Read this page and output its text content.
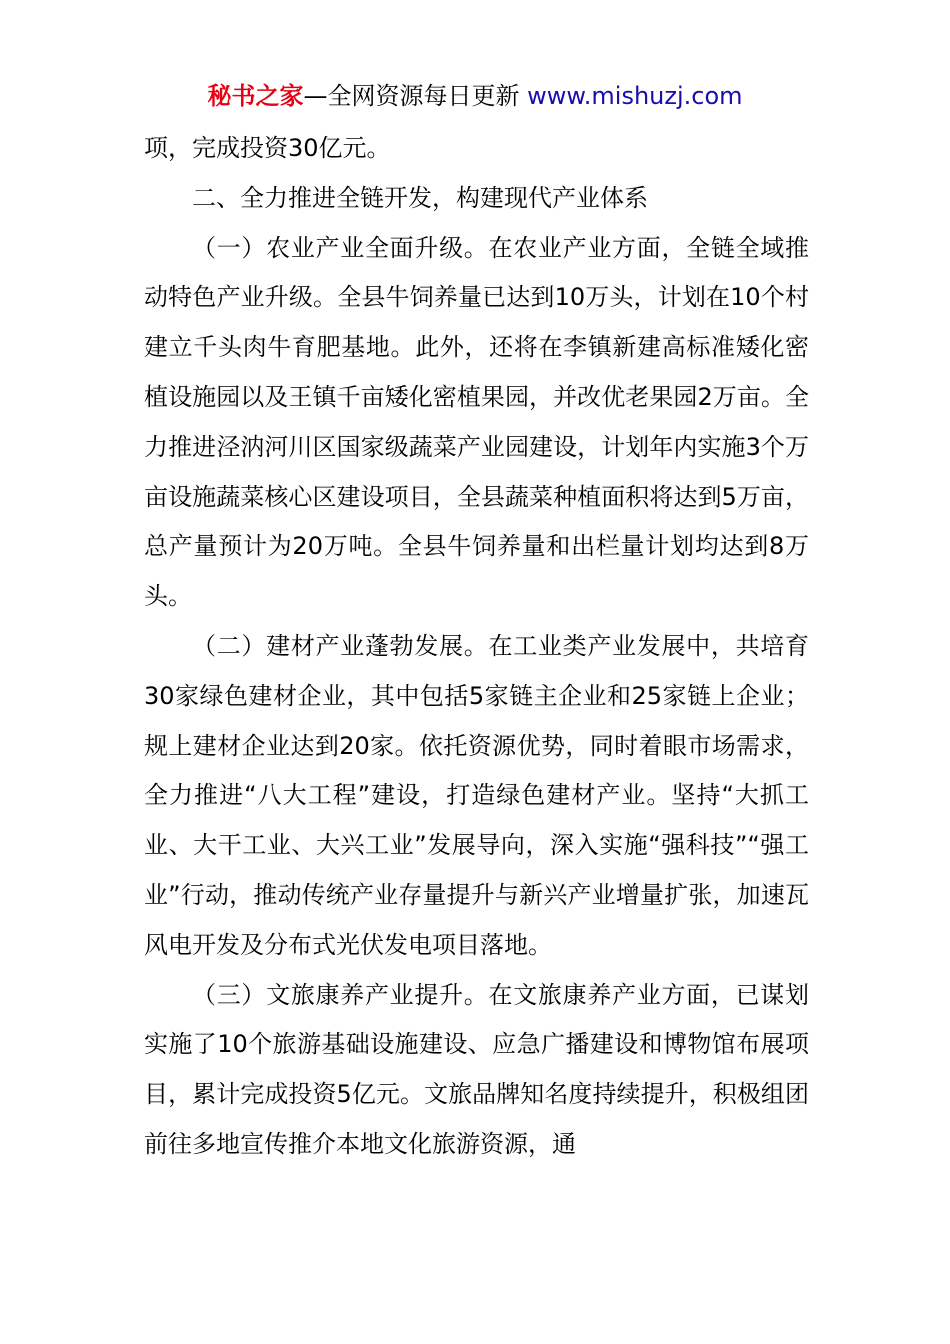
秘书之家—全网资源每日更新 www.mishuzj.com

项，完成投资30亿元。

二、全力推进全链开发，构建现代产业体系

（一）农业产业全面升级。在农业产业方面，全链全域推动特色产业升级。全县牛饲养量已达到10万头，计划在10个村建立千头肉牛育肥基地。此外，还将在李镇新建高标准矮化密植设施园以及王镇千亩矮化密植果园，并改优老果园2万亩。全力推进泾汭河川区国家级蔬菜产业园建设，计划年内实施3个万亩设施蔬菜核心区建设项目，全县蔬菜种植面积将达到5万亩，总产量预计为20万吨。全县牛饲养量和出栏量计划均达到8万头。

（二）建材产业蓬勃发展。在工业类产业发展中，共培育30家绿色建材企业，其中包括5家链主企业和25家链上企业；规上建材企业达到20家。依托资源优势，同时着眼市场需求，全力推进“八大工程”建设，打造绿色建材产业。坚持“大抓工业、大干工业、大兴工业”发展导向，深入实施“强科技”“强工业”行动，推动传统产业存量提升与新兴产业增量扩张，加速瓦风电开发及分布式光伏发电项目落地。

（三）文旅康养产业提升。在文旅康养产业方面，已谋划实施了10个旅游基础设施建设、应急广播建设和博物馆布展项目，累计完成投资5亿元。文旅品牌知名度持续提升，积极组团前往多地宣传推介本地文化旅游资源，通
